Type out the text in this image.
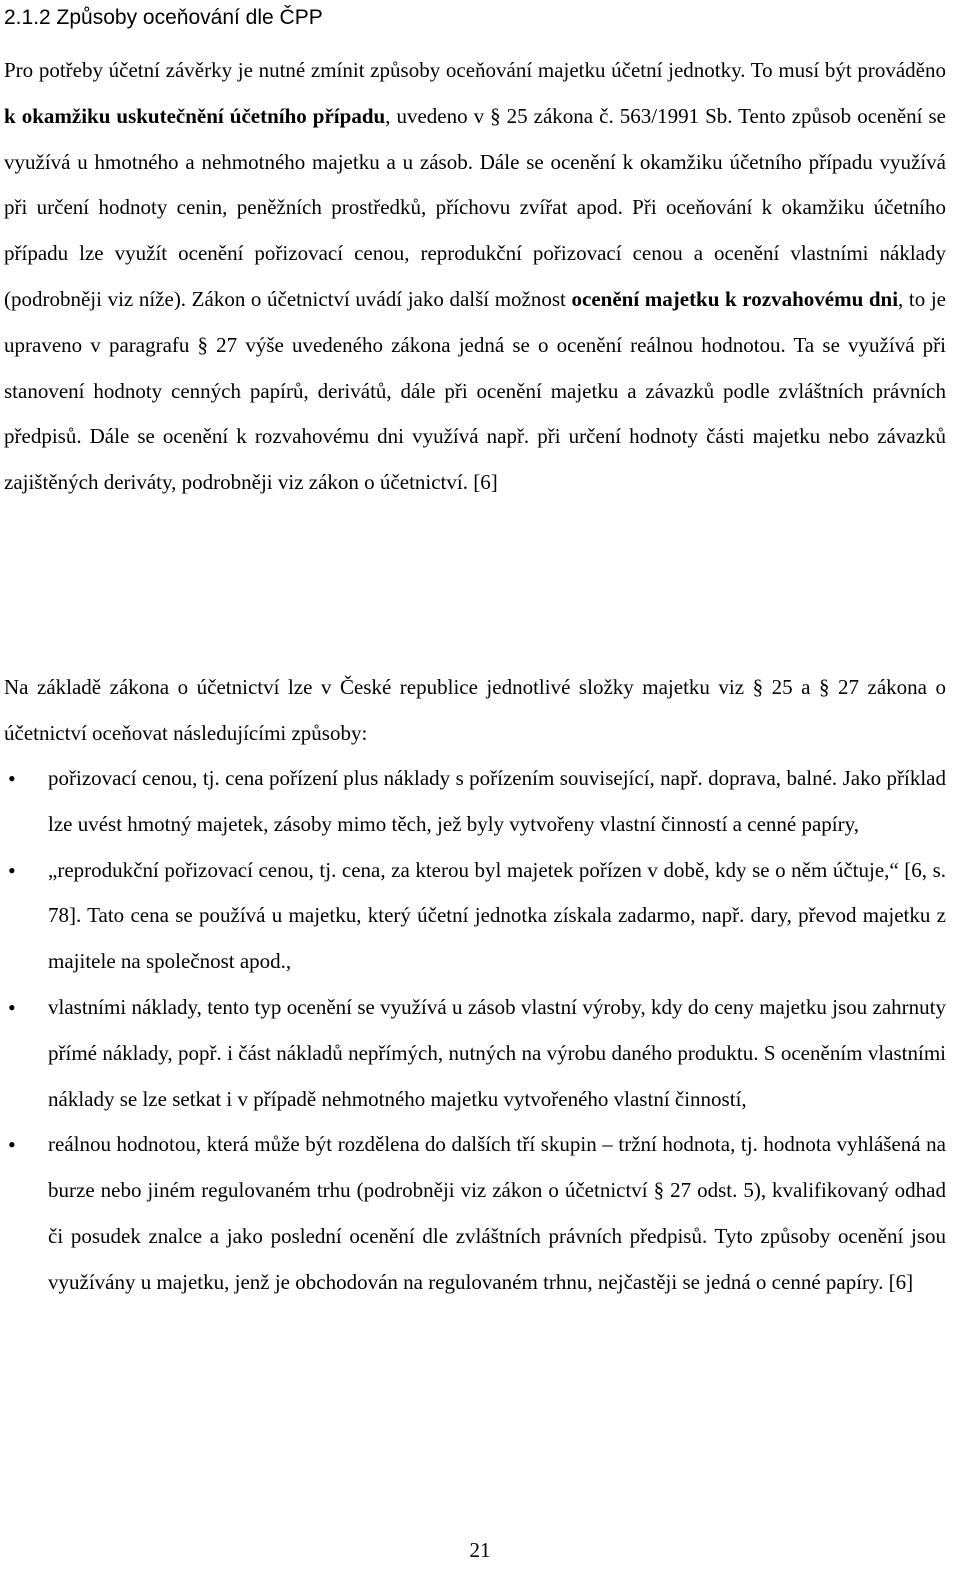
2.1.2 Způsoby oceňování dle ČPP

Pro potřeby účetní závěrky je nutné zmínit způsoby oceňování majetku účetní jednotky. To musí být prováděno k okamžiku uskutečnění účetního případu, uvedeno v § 25 zákona č. 563/1991 Sb. Tento způsob ocenění se využívá u hmotného a nehmotného majetku a u zásob. Dále se ocenění k okamžiku účetního případu využívá při určení hodnoty cenin, peněžních prostředků, příchovu zvířat apod. Při oceňování k okamžiku účetního případu lze využít ocenění pořizovací cenou, reprodukční pořizovací cenou a ocenění vlastními náklady (podrobněji viz níže). Zákon o účetnictví uvádí jako další možnost ocenění majetku k rozvahovému dni, to je upraveno v paragrafu § 27 výše uvedeného zákona jedná se o ocenění reálnou hodnotou. Ta se využívá při stanovení hodnoty cenných papírů, derivátů, dále při ocenění majetku a závazků podle zvláštních právních předpisů. Dále se ocenění k rozvahovému dni využívá např. při určení hodnoty části majetku nebo závazků zajištěných deriváty, podrobněji viz zákon o účetnictví. [6]

Na základě zákona o účetnictví lze v České republice jednotlivé složky majetku viz § 25 a § 27 zákona o účetnictví oceňovat následujícími způsoby:

• pořizovací cenou, tj. cena pořízení plus náklady s pořízením související, např. doprava, balné. Jako příklad lze uvést hmotný majetek, zásoby mimo těch, jež byly vytvořeny vlastní činností a cenné papíry,
• „reprodukční pořizovací cenou, tj. cena, za kterou byl majetek pořízen v době, kdy se o něm účtuje,“ [6, s. 78]. Tato cena se používá u majetku, který účetní jednotka získala zadarmo, např. dary, převod majetku z majitele na společnost apod.,
• vlastními náklady, tento typ ocenění se využívá u zásob vlastní výroby, kdy do ceny majetku jsou zahrnuty přímé náklady, popř. i část nákladů nepřímých, nutných na výrobu daného produktu. S oceněním vlastními náklady se lze setkat i v případě nehmotného majetku vytvořeného vlastní činností,
• reálnou hodnotou, která může být rozdělena do dalších tří skupin – tržní hodnota, tj. hodnota vyhlášená na burze nebo jiném regulovaném trhu (podrobněji viz zákon o účetnictví § 27 odst. 5), kvalifikovaný odhad či posudek znalce a jako poslední ocenění dle zvláštních právních předpisů. Tyto způsoby ocenění jsou využívány u majetku, jenž je obchodován na regulovaném trhnu, nejčastěji se jedná o cenné papíry. [6]
21
